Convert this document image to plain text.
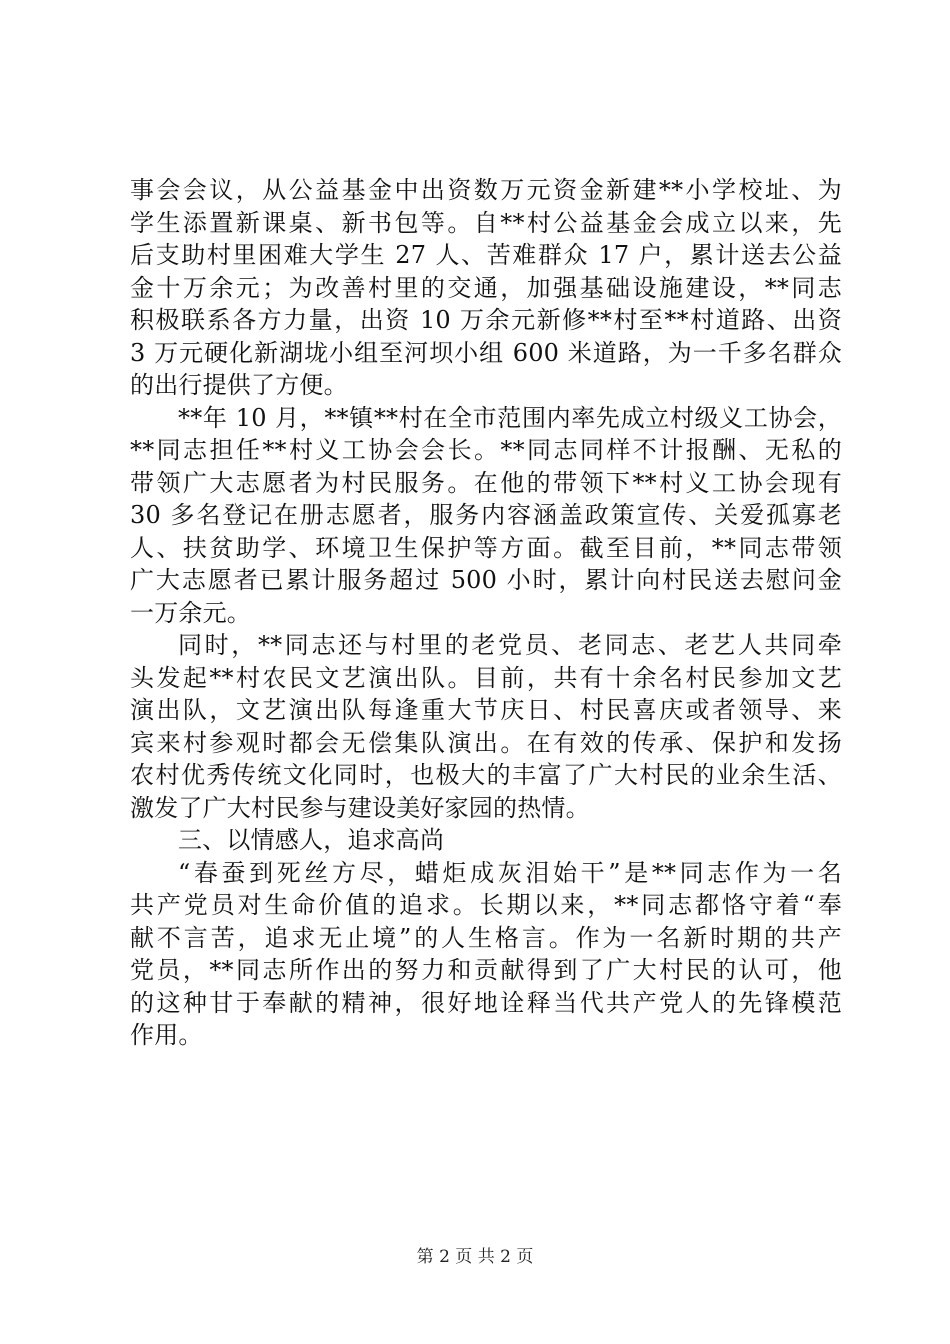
事会会议，从公益基金中出资数万元资金新建**小学校址、为
学生添置新课桌、新书包等。自**村公益基金会成立以来，先
后支助村里困难大学生 27 人、苦难群众 17 户，累计送去公益
金十万余元；为改善村里的交通，加强基础设施建设，**同志
积极联系各方力量，出资 10 万余元新修**村至**村道路、出资
3 万元硬化新湖垅小组至河坝小组 600 米道路，为一千多名群众
的出行提供了方便。
**年 10 月，**镇**村在全市范围内率先成立村级义工协会，
**同志担任**村义工协会会长。**同志同样不计报酬、无私的
带领广大志愿者为村民服务。在他的带领下**村义工协会现有
30 多名登记在册志愿者，服务内容涵盖政策宣传、关爱孤寡老
人、扶贫助学、环境卫生保护等方面。截至目前，**同志带领
广大志愿者已累计服务超过 500 小时，累计向村民送去慰问金
一万余元。
同时，**同志还与村里的老党员、老同志、老艺人共同牵
头发起**村农民文艺演出队。目前，共有十余名村民参加文艺
演出队，文艺演出队每逢重大节庆日、村民喜庆或者领导、来
宾来村参观时都会无偿集队演出。在有效的传承、保护和发扬
农村优秀传统文化同时，也极大的丰富了广大村民的业余生活、
激发了广大村民参与建设美好家园的热情。
三、以情感人，追求高尚
“春蚕到死丝方尽，蜡炬成灰泪始干”是**同志作为一名
共产党员对生命价值的追求。长期以来，**同志都恪守着“奉
献不言苦，追求无止境”的人生格言。作为一名新时期的共产
党员，**同志所作出的努力和贡献得到了广大村民的认可，他
的这种甘于奉献的精神，很好地诠释当代共产党人的先锋模范
作用。
第 2 页 共 2 页
